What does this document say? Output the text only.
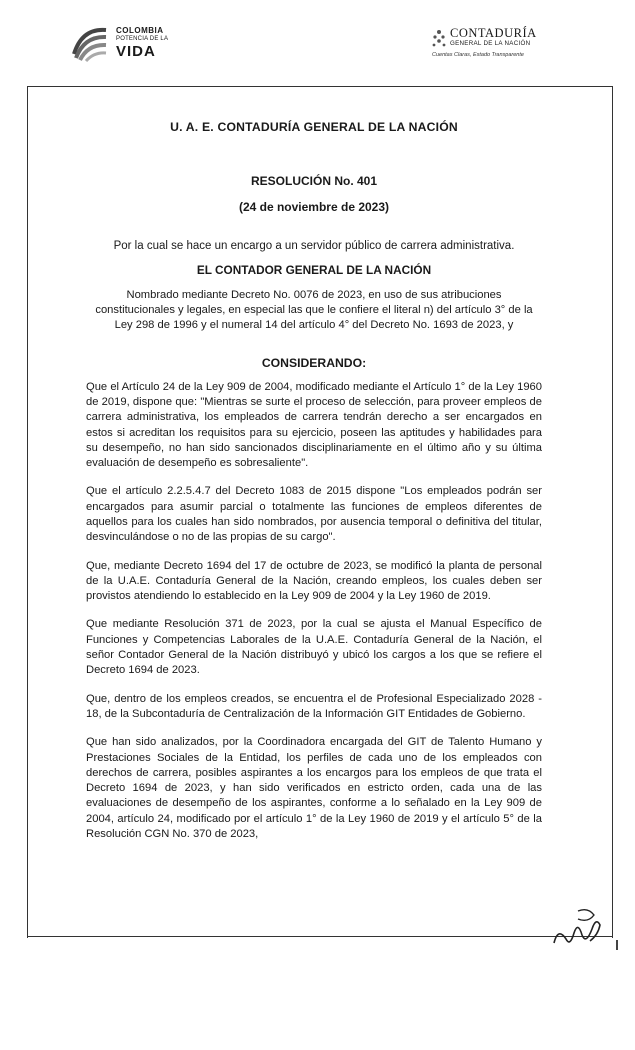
COLOMBIA
POTENCIA DE LA
VIDA
CONTADURÍA
GENERAL DE LA NACIÓN
Cuentas Claras, Estado Transparente
U. A. E. CONTADURÍA GENERAL DE LA NACIÓN
RESOLUCIÓN No. 401
(24 de noviembre de 2023)
Por la cual se hace un encargo a un servidor público de carrera administrativa.
EL CONTADOR GENERAL DE LA NACIÓN
Nombrado mediante Decreto No. 0076 de 2023, en uso de sus atribuciones constitucionales y legales, en especial las que le confiere el literal n) del artículo 3° de la Ley 298 de 1996 y el numeral 14 del artículo 4° del Decreto No. 1693 de 2023, y
CONSIDERANDO:

Que el Artículo 24 de la Ley 909 de 2004, modificado mediante el Artículo 1° de la Ley 1960 de 2019, dispone que: "Mientras se surte el proceso de selección, para proveer empleos de carrera administrativa, los empleados de carrera tendrán derecho a ser encargados en estos si acreditan los requisitos para su ejercicio, poseen las aptitudes y habilidades para su desempeño, no han sido sancionados disciplinariamente en el último año y su última evaluación de desempeño es sobresaliente".

Que el artículo 2.2.5.4.7 del Decreto 1083 de 2015 dispone "Los empleados podrán ser encargados para asumir parcial o totalmente las funciones de empleos diferentes de aquellos para los cuales han sido nombrados, por ausencia temporal o definitiva del titular, desvinculándose o no de las propias de su cargo".

Que, mediante Decreto 1694 del 17 de octubre de 2023, se modificó la planta de personal de la U.A.E. Contaduría General de la Nación, creando empleos, los cuales deben ser provistos atendiendo lo establecido en la Ley 909 de 2004 y la Ley 1960 de 2019.

Que mediante Resolución 371 de 2023, por la cual se ajusta el Manual Específico de Funciones y Competencias Laborales de la U.A.E. Contaduría General de la Nación, el señor Contador General de la Nación distribuyó y ubicó los cargos a los que se refiere el Decreto 1694 de 2023.

Que, dentro de los empleos creados, se encuentra el de Profesional Especializado 2028 - 18, de la Subcontaduría de Centralización de la Información GIT Entidades de Gobierno.

Que han sido analizados, por la Coordinadora encargada del GIT de Talento Humano y Prestaciones Sociales de la Entidad, los perfiles de cada uno de los empleados con derechos de carrera, posibles aspirantes a los encargos para los empleos de que trata el Decreto 1694 de 2023, y han sido verificados en estricto orden, cada una de las evaluaciones de desempeño de los aspirantes, conforme a lo señalado en la Ley 909 de 2004, artículo 24, modificado por el artículo 1° de la Ley 1960 de 2019 y el artículo 5° de la Resolución CGN No. 370 de 2023,
